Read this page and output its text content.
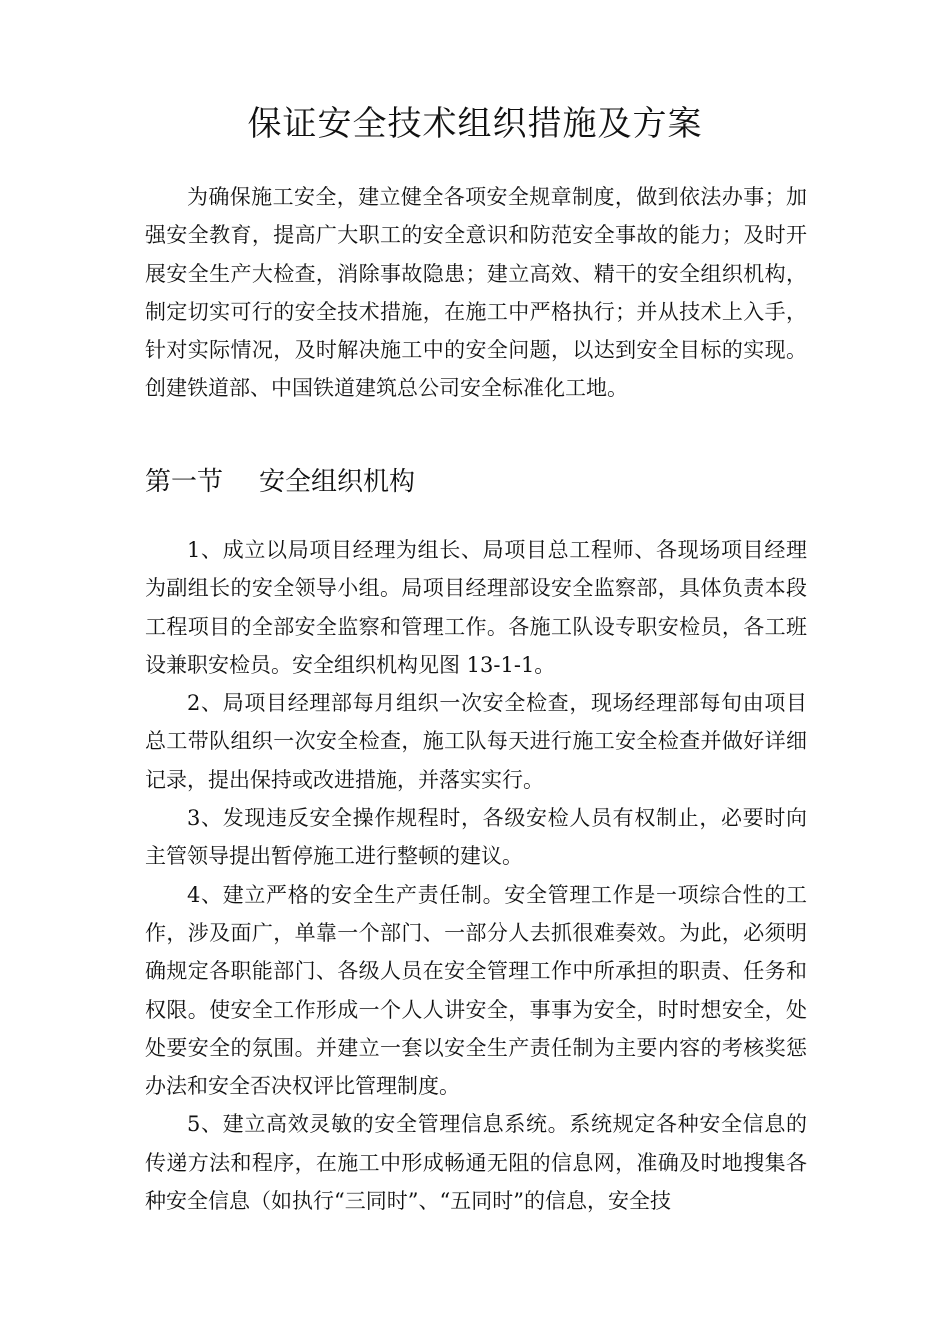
保证安全技术组织措施及方案

为确保施工安全，建立健全各项安全规章制度，做到依法办事；加强安全教育，提高广大职工的安全意识和防范安全事故的能力；及时开展安全生产大检查，消除事故隐患；建立高效、精干的安全组织机构，制定切实可行的安全技术措施，在施工中严格执行；并从技术上入手，针对实际情况，及时解决施工中的安全问题，以达到安全目标的实现。创建铁道部、中国铁道建筑总公司安全标准化工地。

第一节 安全组织机构

1、成立以局项目经理为组长、局项目总工程师、各现场项目经理为副组长的安全领导小组。局项目经理部设安全监察部，具体负责本段工程项目的全部安全监察和管理工作。各施工队设专职安检员，各工班设兼职安检员。安全组织机构见图 13-1-1。

2、局项目经理部每月组织一次安全检查，现场经理部每旬由项目总工带队组织一次安全检查，施工队每天进行施工安全检查并做好详细记录，提出保持或改进措施，并落实实行。

3、发现违反安全操作规程时，各级安检人员有权制止，必要时向主管领导提出暂停施工进行整顿的建议。

4、建立严格的安全生产责任制。安全管理工作是一项综合性的工作，涉及面广，单靠一个部门、一部分人去抓很难奏效。为此，必须明确规定各职能部门、各级人员在安全管理工作中所承担的职责、任务和权限。使安全工作形成一个人人讲安全，事事为安全，时时想安全，处处要安全的氛围。并建立一套以安全生产责任制为主要内容的考核奖惩办法和安全否决权评比管理制度。

5、建立高效灵敏的安全管理信息系统。系统规定各种安全信息的传递方法和程序，在施工中形成畅通无阻的信息网，准确及时地搜集各种安全信息（如执行“三同时”、“五同时”的信息，安全技
